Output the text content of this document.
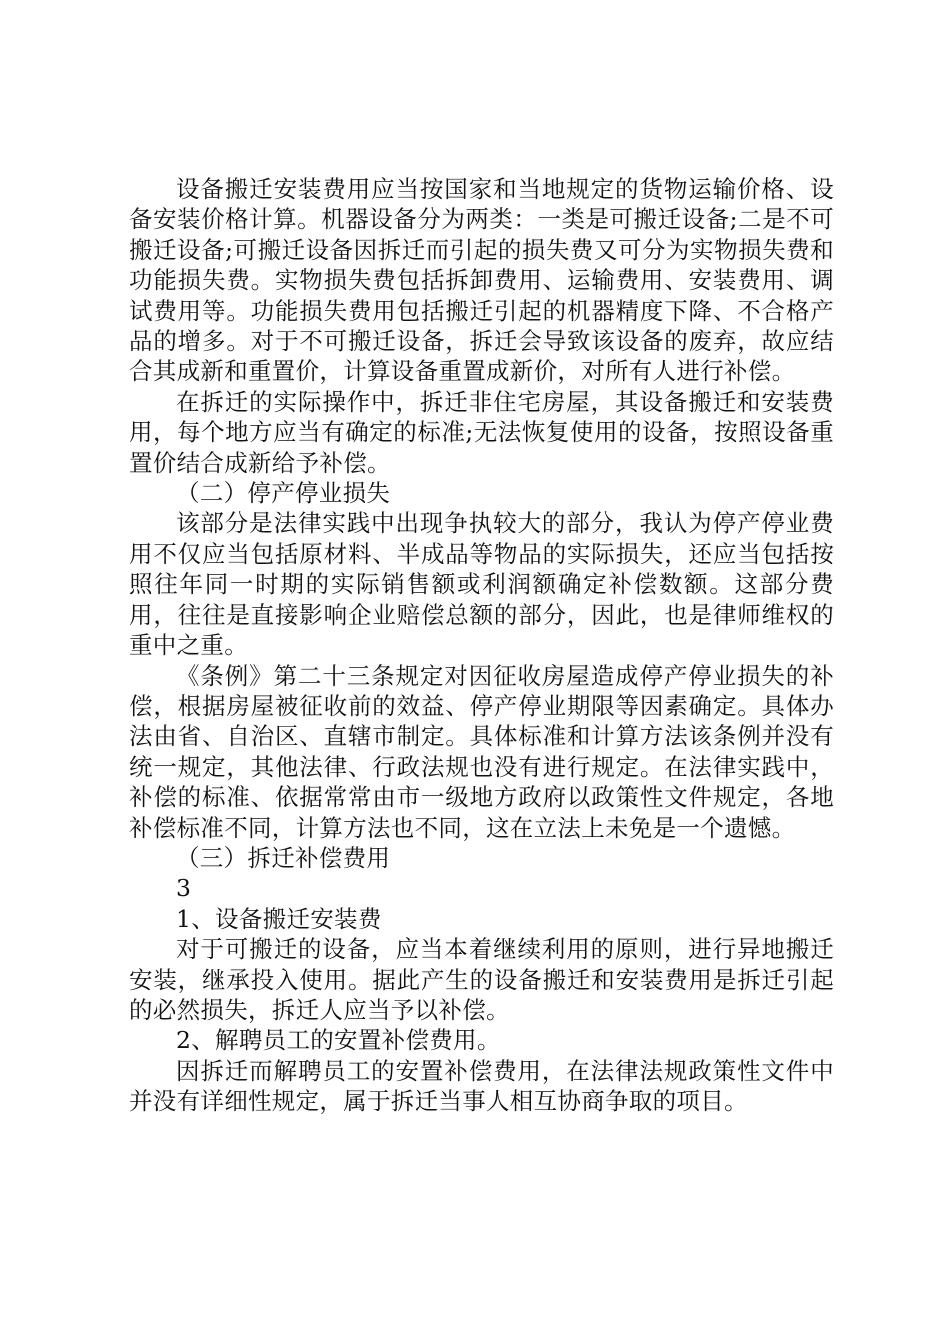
设备搬迁安装费用应当按国家和当地规定的货物运输价格、设备安装价格计算。机器设备分为两类：一类是可搬迁设备;二是不可搬迁设备;可搬迁设备因拆迁而引起的损失费又可分为实物损失费和功能损失费。实物损失费包括拆卸费用、运输费用、安装费用、调试费用等。功能损失费用包括搬迁引起的机器精度下降、不合格产品的增多。对于不可搬迁设备，拆迁会导致该设备的废弃，故应结合其成新和重置价，计算设备重置成新价，对所有人进行补偿。

在拆迁的实际操作中，拆迁非住宅房屋，其设备搬迁和安装费用，每个地方应当有确定的标准;无法恢复使用的设备，按照设备重置价结合成新给予补偿。

（二）停产停业损失

该部分是法律实践中出现争执较大的部分，我认为停产停业费用不仅应当包括原材料、半成品等物品的实际损失，还应当包括按照往年同一时期的实际销售额或利润额确定补偿数额。这部分费用，往往是直接影响企业赔偿总额的部分，因此，也是律师维权的重中之重。

《条例》第二十三条规定对因征收房屋造成停产停业损失的补偿，根据房屋被征收前的效益、停产停业期限等因素确定。具体办法由省、自治区、直辖市制定。具体标准和计算方法该条例并没有统一规定，其他法律、行政法规也没有进行规定。在法律实践中，补偿的标准、依据常常由市一级地方政府以政策性文件规定，各地补偿标准不同，计算方法也不同，这在立法上未免是一个遗憾。

（三）拆迁补偿费用

3

1、设备搬迁安装费

对于可搬迁的设备，应当本着继续利用的原则，进行异地搬迁安装，继承投入使用。据此产生的设备搬迁和安装费用是拆迁引起的必然损失，拆迁人应当予以补偿。

2、解聘员工的安置补偿费用。

因拆迁而解聘员工的安置补偿费用，在法律法规政策性文件中并没有详细性规定，属于拆迁当事人相互协商争取的项目。
